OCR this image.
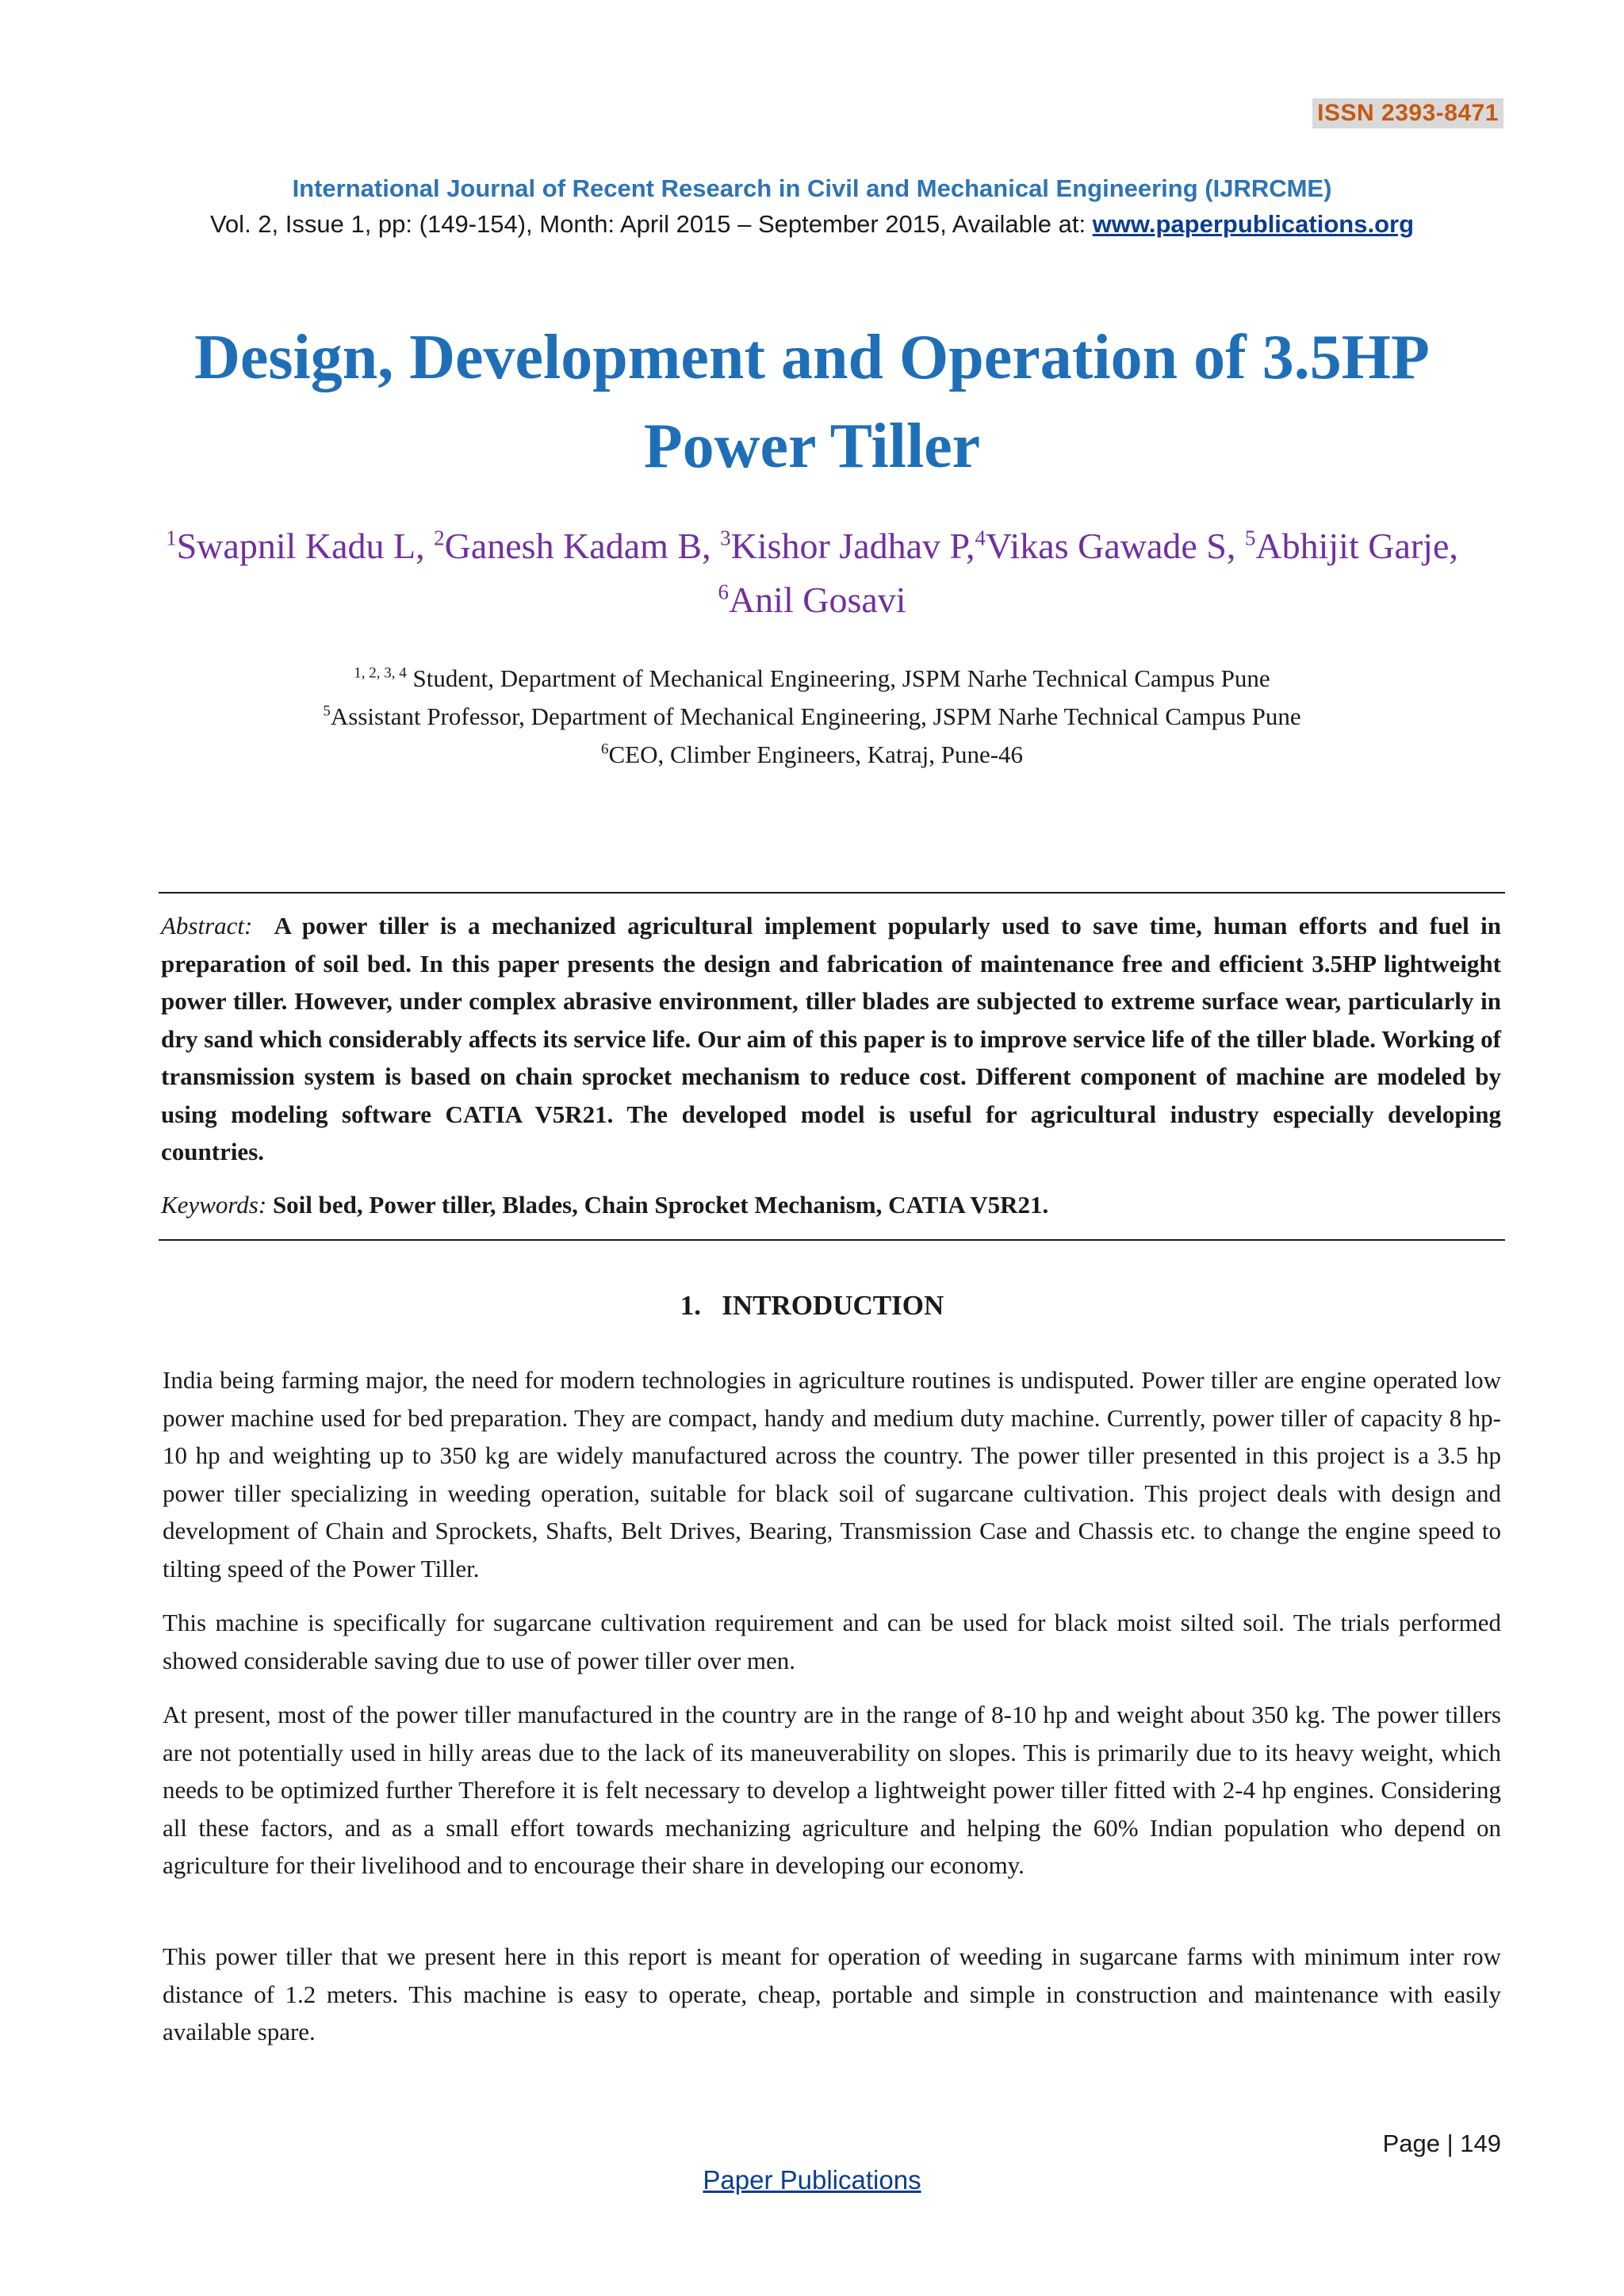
ISSN 2393-8471
International Journal of Recent Research in Civil and Mechanical Engineering (IJRRCME)
Vol. 2, Issue 1, pp: (149-154), Month: April 2015 – September 2015, Available at: www.paperpublications.org
Design, Development and Operation of 3.5HP Power Tiller
$^1$Swapnil Kadu L, $^2$Ganesh Kadam B, $^3$Kishor Jadhav P,$^4$Vikas Gawade S, $^5$Abhijit Garje, $^6$Anil Gosavi
$^{1, 2, 3, 4}$ Student, Department of Mechanical Engineering, JSPM Narhe Technical Campus Pune
$^5$Assistant Professor, Department of Mechanical Engineering, JSPM Narhe Technical Campus Pune
$^6$CEO, Climber Engineers, Katraj, Pune-46
Abstract: A power tiller is a mechanized agricultural implement popularly used to save time, human efforts and fuel in preparation of soil bed. In this paper presents the design and fabrication of maintenance free and efficient 3.5HP lightweight power tiller. However, under complex abrasive environment, tiller blades are subjected to extreme surface wear, particularly in dry sand which considerably affects its service life. Our aim of this paper is to improve service life of the tiller blade. Working of transmission system is based on chain sprocket mechanism to reduce cost. Different component of machine are modeled by using modeling software CATIA V5R21. The developed model is useful for agricultural industry especially developing countries.
Keywords: Soil bed, Power tiller, Blades, Chain Sprocket Mechanism, CATIA V5R21.
1.   INTRODUCTION
India being farming major, the need for modern technologies in agriculture routines is undisputed. Power tiller are engine operated low power machine used for bed preparation. They are compact, handy and medium duty machine. Currently, power tiller of capacity 8 hp-10 hp and weighting up to 350 kg are widely manufactured across the country. The power tiller presented in this project is a 3.5 hp power tiller specializing in weeding operation, suitable for black soil of sugarcane cultivation. This project deals with design and development of Chain and Sprockets, Shafts, Belt Drives, Bearing, Transmission Case and Chassis etc. to change the engine speed to tilting speed of the Power Tiller.
This machine is specifically for sugarcane cultivation requirement and can be used for black moist silted soil. The trials performed showed considerable saving due to use of power tiller over men.
At present, most of the power tiller manufactured in the country are in the range of 8-10 hp and weight about 350 kg. The power tillers are not potentially used in hilly areas due to the lack of its maneuverability on slopes. This is primarily due to its heavy weight, which needs to be optimized further Therefore it is felt necessary to develop a lightweight power tiller fitted with 2-4 hp engines. Considering all these factors, and as a small effort towards mechanizing agriculture and helping the 60% Indian population who depend on agriculture for their livelihood and to encourage their share in developing our economy.
This power tiller that we present here in this report is meant for operation of weeding in sugarcane farms with minimum inter row distance of 1.2 meters. This machine is easy to operate, cheap, portable and simple in construction and maintenance with easily available spare.
Page | 149
Paper Publications
